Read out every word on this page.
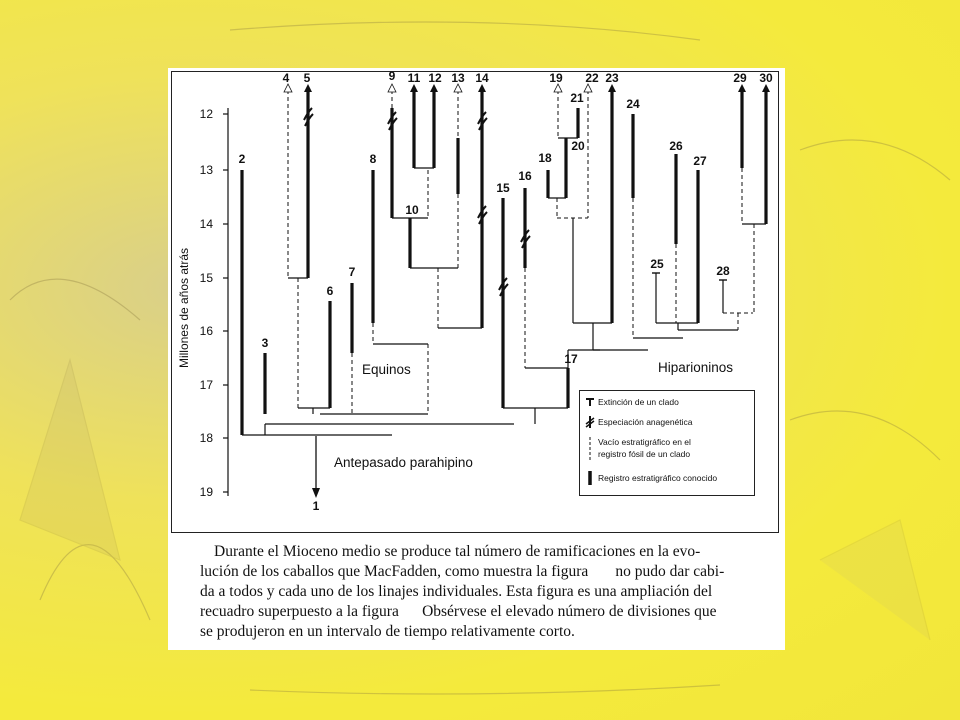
12
13
14
15
16
17
18
19
Millones de años atrás
1
2
3
4 5
6
7
8
9
10
11 12 13 14
15
16
17
18
19
20
21
22 23
24
25
26
27
28
29 30
Equinos	Hiparioninos
Antepasado parahipino
Extinción de un clado
Especiación anagenética
Vacío estratigráfico en el
registro fósil de un clado
Registro estratigráfico conocido

Durante el Mioceno medio se produce tal número de ramificaciones en la evo-

lución de los caballos que MacFadden, como muestra la figura       no pudo dar cabi-

da a todos y cada uno de los linajes individuales. Esta figura es una ampliación del

recuadro superpuesto a la figura      Obsérvese el elevado número de divisiones que

se produjeron en un intervalo de tiempo relativamente corto.
